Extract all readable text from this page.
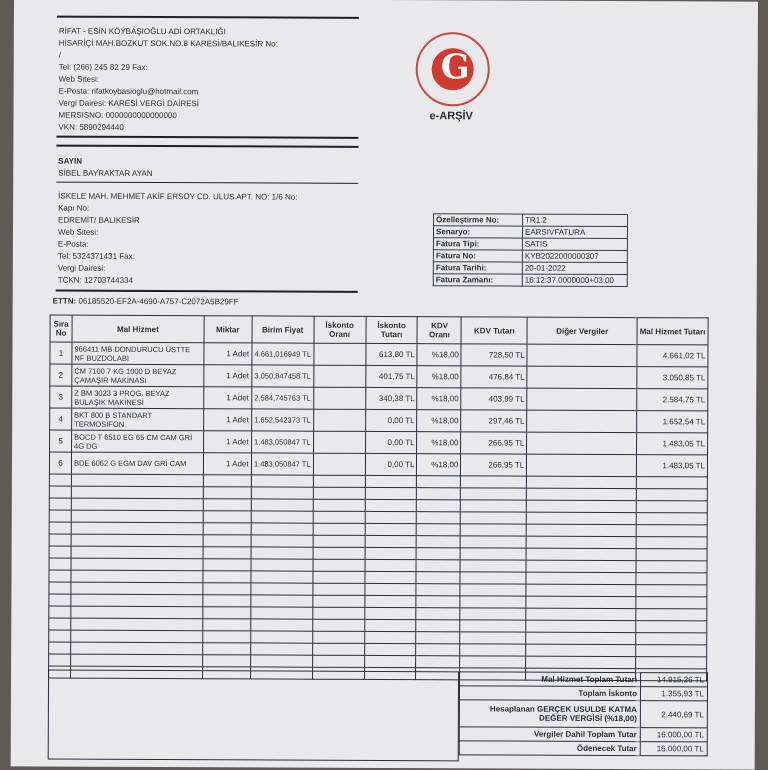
RİFAT - ESİN KÖYBAŞIOĞLU ADİ ORTAKLIĞI
HİSARİÇİ MAH.BOZKUT SOK.NO.8 KARESİ/BALIKESİR No:
/
Tel: (266) 245 82 29 Fax:
Web Sitesi:
E-Posta: rifatkoybasioglu@hotmail.com
Vergi Dairesi: KARESİ VERGİ DAİRESİ
MERSISNO: 0000000000000000
VKN: 5890294440
G
e-ARŞİV
SAYIN
SİBEL BAYRAKTAR AYAN
İSKELE MAH. MEHMET AKİF ERSOY CD. ULUS APT. NO: 1/6 No:
Kapı No:
EDREMİT/ BALIKESİR
Web Sitesi:
E-Posta:
Tel: 5324371431 Fax:
Vergi Dairesi:
TCKN: 12703744334
ETTN: 06185520-EF2A-4690-A757-C2072A5B29FF
Özelleştirme No:	TR1.2
Senaryo:	EARSIVFATURA
Fatura Tipi:	SATIS
Fatura No:	KYB2022000000307
Fatura Tarihi:	20-01-2022
Fatura Zamanı:	16:12:37.0000000+03:00
Sıra No	Mal Hizmet	Miktar	Birim Fiyat	İskonto Oranı	İskonto Tutarı	KDV Oranı	KDV Tutarı	Diğer Vergiler	Mal Hizmet Tutarı
1	966411 MB DONDURUCU ÜSTTE NF BUZDOLABI	1 Adet	4.661,016949 TL		613,80 TL	%18,00	728,50 TL		4.661,02 TL
2	CM 7100 7 KG 1000 D BEYAZ ÇAMAŞIR MAKİNASI	1 Adet	3.050,847458 TL		401,75 TL	%18,00	476,84 TL		3.050,85 TL
3	Z BM 3023 3 PROG. BEYAZ BULAŞIK MAKİNESİ	1 Adet	2.584,745763 TL		340,38 TL	%18,00	403,99 TL		2.584,75 TL
4	BKT 800 B STANDART TERMOSİFON	1 Adet	1.652,542373 TL		0,00 TL	%18,00	297,46 TL		1.652,54 TL
5	BOCD T 6510 EG 65 CM CAM GRİ 4G DG	1 Adet	1.483,050847 TL		0,00 TL	%18,00	266,95 TL		1.483,05 TL
6	BDE 6062 G EGM DAV GRİ CAM	1 Adet	1.483,050847 TL		0,00 TL	%18,00	266,95 TL		1.483,05 TL

Mal Hizmet Toplam Tutarı	14.915,26 TL
Toplam İskonto	1.355,93 TL
Hesaplanan GERÇEK USULDE KATMA DEĞER VERGİSİ (%18,00)	2.440,69 TL
Vergiler Dahil Toplam Tutar	16.000,00 TL
Ödenecek Tutar	16.000,00 TL
